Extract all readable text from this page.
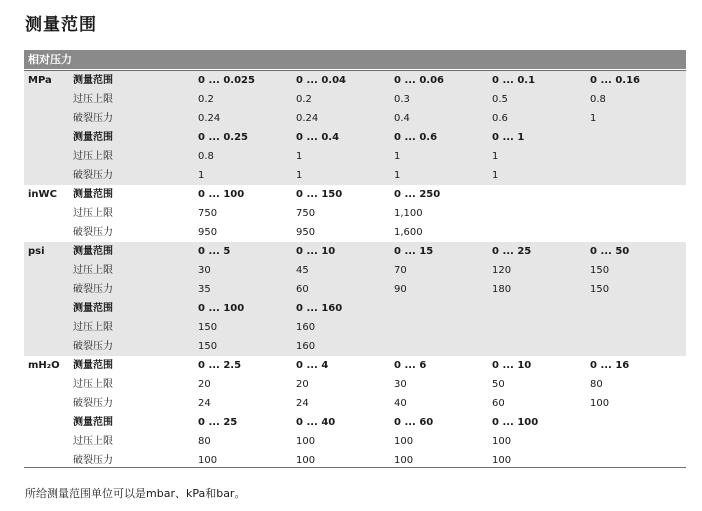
测量范围
相对压力
MPa 测量范围	0 ... 0.025	0 ... 0.04	0 ... 0.06	0 ... 0.1	0 ... 0.16
过压上限	0.2	0.2	0.3	0.5	0.8
破裂压力	0.24	0.24	0.4	0.6	1
测量范围	0 ... 0.25	0 ... 0.4	0 ... 0.6	0 ... 1
过压上限	0.8	1	1	1
破裂压力	1	1	1	1
inWC 测量范围	0 ... 100	0 ... 150	0 ... 250
过压上限	750	750	1,100
破裂压力	950	950	1,600
psi	测量范围	0 ... 5	0 ... 10	0 ... 15	0 ... 25	0 ... 50
过压上限	30	45	70	120	150
破裂压力	35	60	90	180	150
测量范围	0 ... 100	0 ... 160
过压上限	150	160
破裂压力	150	160
mH₂O 测量范围	0 ... 2.5	0 ... 4	0 ... 6	0 ... 10	0 ... 16
过压上限	20	20	30	50	80
破裂压力	24	24	40	60	100
测量范围	0 ... 25	0 ... 40	0 ... 60	0 ... 100
过压上限	80	100	100	100
破裂压力	100	100	100	100
所给测量范围单位可以是mbar、kPa和bar。
